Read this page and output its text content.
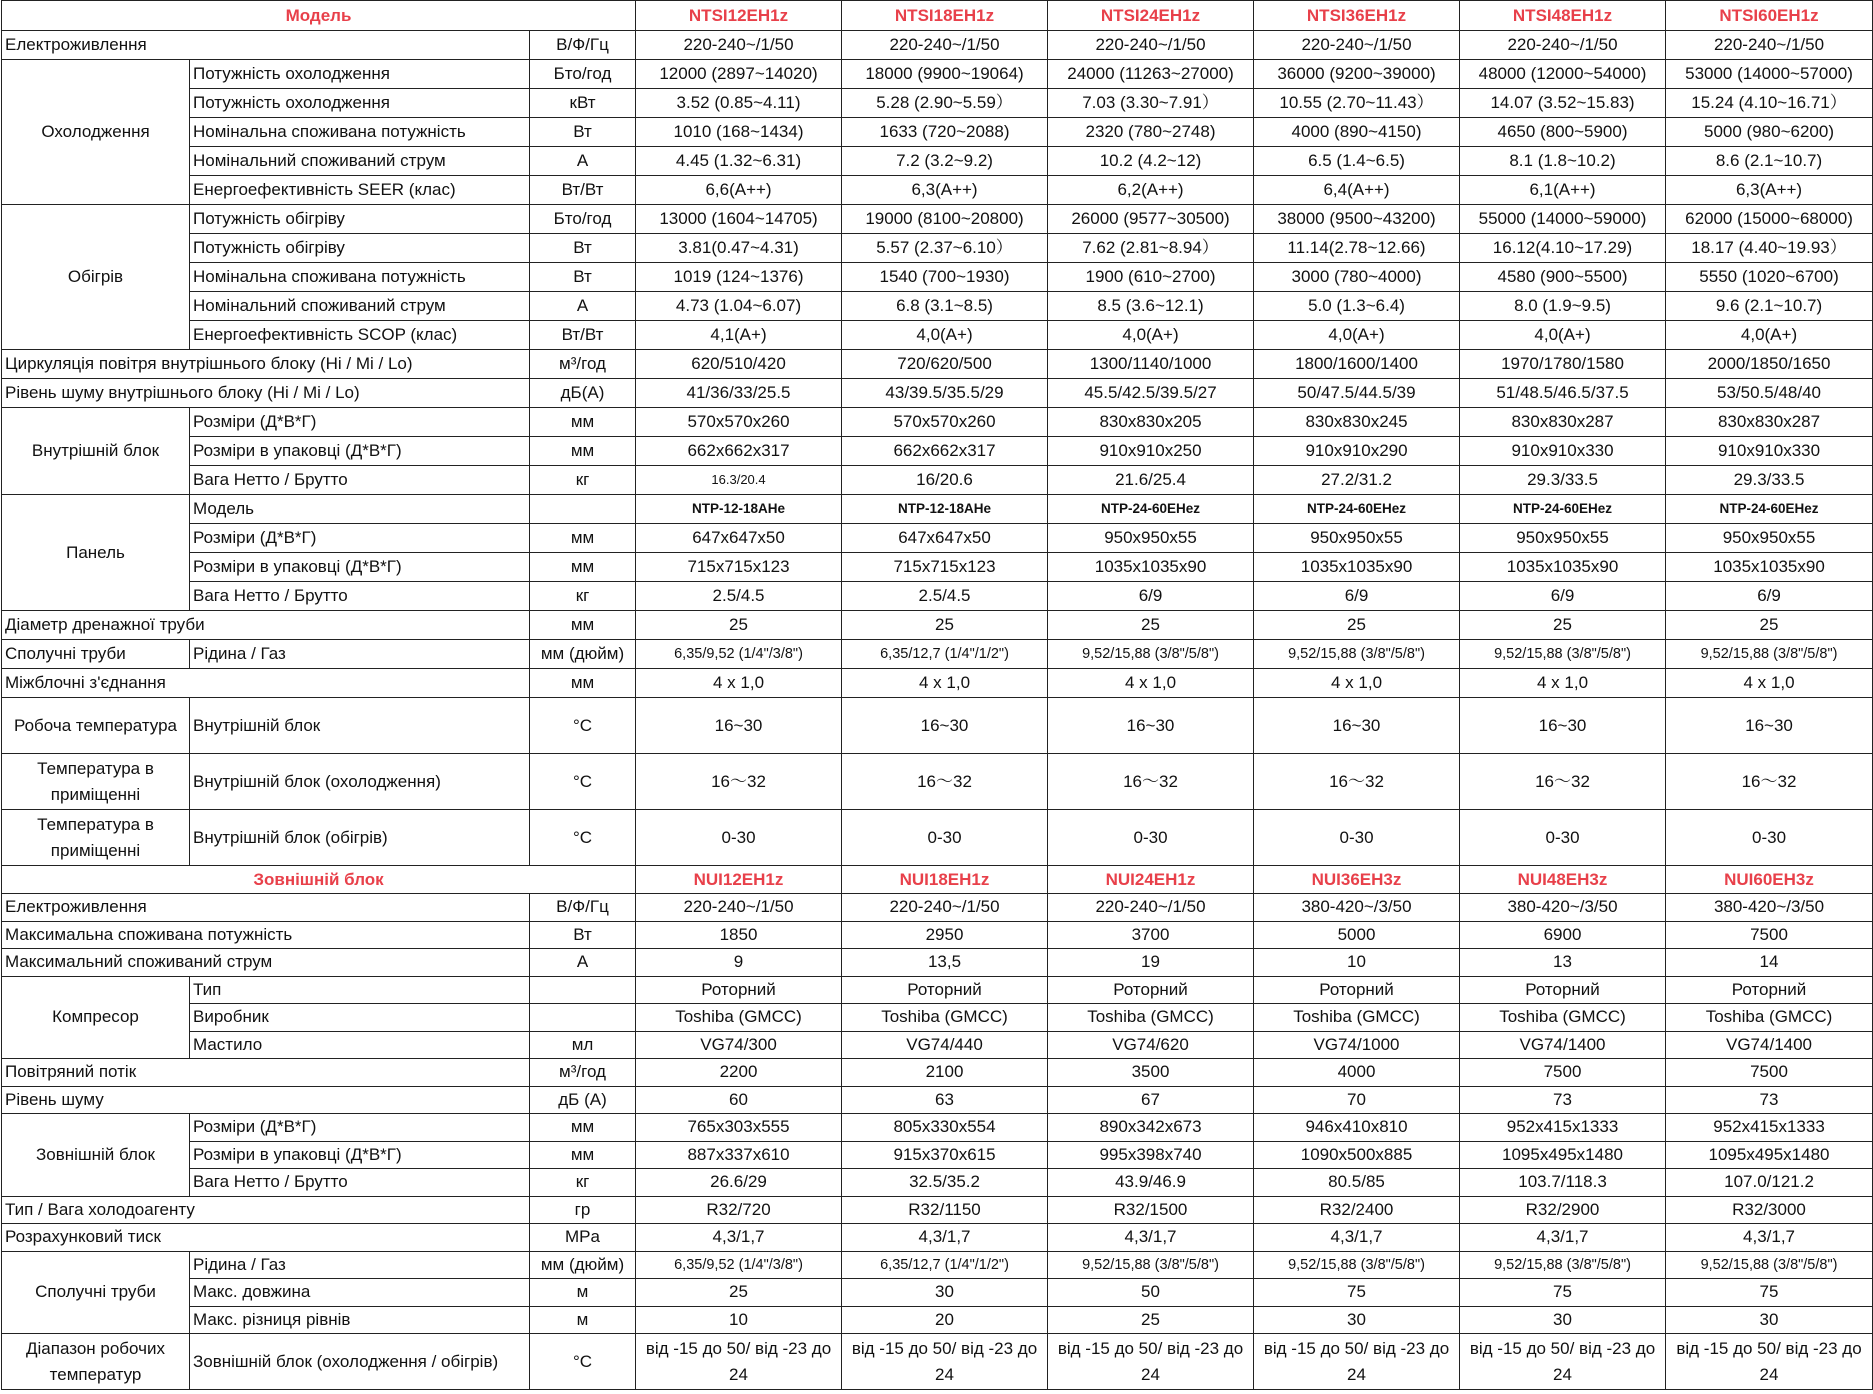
Модель			NTSI12EH1z	NTSI18EH1z	NTSI24EH1z	NTSI36EH1z	NTSI48EH1z	NTSI60EH1z
Електроживлення		В/Ф/Гц	220-240~/1/50	220-240~/1/50	220-240~/1/50	220-240~/1/50	220-240~/1/50	220-240~/1/50
Охолодження	Потужність охолодження	Бто/год	12000 (2897~14020)	18000 (9900~19064)	24000 (11263~27000)	36000 (9200~39000)	48000 (12000~54000)	53000 (14000~57000)
	Потужність охолодження	кВт	3.52 (0.85~4.11)	5.28 (2.90~5.59）	7.03 (3.30~7.91）	10.55 (2.70~11.43）	14.07 (3.52~15.83)	15.24 (4.10~16.71）
	Номінальна споживана потужність	Вт	1010 (168~1434)	1633 (720~2088)	2320 (780~2748)	4000 (890~4150)	4650 (800~5900)	5000 (980~6200)
	Номінальний споживаний струм	А	4.45 (1.32~6.31)	7.2 (3.2~9.2)	10.2 (4.2~12)	6.5 (1.4~6.5)	8.1 (1.8~10.2)	8.6 (2.1~10.7)
	Енергоефективність SEER (клас)	Вт/Вт	6,6(A++)	6,3(A++)	6,2(A++)	6,4(A++)	6,1(A++)	6,3(A++)
Обігрів	Потужність обігріву	Бто/год	13000 (1604~14705)	19000 (8100~20800)	26000 (9577~30500)	38000 (9500~43200)	55000 (14000~59000)	62000 (15000~68000)
	Потужність обігріву	Вт	3.81(0.47~4.31)	5.57 (2.37~6.10）	7.62 (2.81~8.94）	11.14(2.78~12.66)	16.12(4.10~17.29)	18.17 (4.40~19.93）
	Номінальна споживана потужність	Вт	1019 (124~1376)	1540 (700~1930)	1900 (610~2700)	3000 (780~4000)	4580 (900~5500)	5550 (1020~6700)
	Номінальний споживаний струм	А	4.73 (1.04~6.07)	6.8 (3.1~8.5)	8.5 (3.6~12.1)	5.0 (1.3~6.4)	8.0 (1.9~9.5)	9.6 (2.1~10.7)
	Енергоефективність SCOP (клас)	Вт/Вт	4,1(A+)	4,0(A+)	4,0(A+)	4,0(A+)	4,0(A+)	4,0(A+)
Циркуляція повітря внутрішнього блоку (Hi / Mi / Lo)		м³/год	620/510/420	720/620/500	1300/1140/1000	1800/1600/1400	1970/1780/1580	2000/1850/1650
Рівень шуму внутрішнього блоку (Hi / Mi / Lo)		дБ(А)	41/36/33/25.5	43/39.5/35.5/29	45.5/42.5/39.5/27	50/47.5/44.5/39	51/48.5/46.5/37.5	53/50.5/48/40
Внутрішній блок	Розміри (Д*В*Г)	мм	570x570x260	570x570x260	830x830x205	830x830x245	830x830x287	830x830x287
	Розміри в упаковці (Д*В*Г)	мм	662x662x317	662x662x317	910x910x250	910x910x290	910x910x330	910x910x330
	Вага Нетто / Брутто	кг	16.3/20.4	16/20.6	21.6/25.4	27.2/31.2	29.3/33.5	29.3/33.5
Панель	Модель		NTP-12-18AHe	NTP-12-18AHe	NTP-24-60EHez	NTP-24-60EHez	NTP-24-60EHez	NTP-24-60EHez
	Розміри (Д*В*Г)	мм	647x647x50	647x647x50	950x950x55	950x950x55	950x950x55	950x950x55
	Розміри в упаковці (Д*В*Г)	мм	715x715x123	715x715x123	1035x1035x90	1035x1035x90	1035x1035x90	1035x1035x90
	Вага Нетто / Брутто	кг	2.5/4.5	2.5/4.5	6/9	6/9	6/9	6/9
Діаметр дренажної труби		мм	25	25	25	25	25	25
Сполучні труби	Рідина / Газ	мм (дюйм)	6,35/9,52 (1/4"/3/8")	6,35/12,7 (1/4"/1/2")	9,52/15,88 (3/8"/5/8")	9,52/15,88 (3/8"/5/8")	9,52/15,88 (3/8"/5/8")	9,52/15,88 (3/8"/5/8")
Міжблочні з'єднання		мм	4 x 1,0	4 x 1,0	4 x 1,0	4 x 1,0	4 x 1,0	4 x 1,0
Робоча температура	Внутрішній блок	°C	16~30	16~30	16~30	16~30	16~30	16~30
Температура в приміщенні	Внутрішній блок (охолодження)	°C	16～32	16～32	16～32	16～32	16～32	16～32
Температура в приміщенні	Внутрішній блок (обігрів)	°C	0-30	0-30	0-30	0-30	0-30	0-30
Зовнішній блок			NUI12EH1z	NUI18EH1z	NUI24EH1z	NUI36EH3z	NUI48EH3z	NUI60EH3z
Електроживлення		В/Ф/Гц	220-240~/1/50	220-240~/1/50	220-240~/1/50	380-420~/3/50	380-420~/3/50	380-420~/3/50
Максимальна споживана потужність		Вт	1850	2950	3700	5000	6900	7500
Максимальний споживаний струм		А	9	13,5	19	10	13	14
Компресор	Тип		Роторний	Роторний	Роторний	Роторний	Роторний	Роторний
	Виробник		Toshiba (GMCC)	Toshiba (GMCC)	Toshiba (GMCC)	Toshiba (GMCC)	Toshiba (GMCC)	Toshiba (GMCC)
	Мастило	мл	VG74/300	VG74/440	VG74/620	VG74/1000	VG74/1400	VG74/1400
Повітряний потік		м³/год	2200	2100	3500	4000	7500	7500
Рівень шуму		дБ (А)	60	63	67	70	73	73
Зовнішній блок	Розміри (Д*В*Г)	мм	765x303x555	805x330x554	890x342x673	946x410x810	952x415x1333	952x415x1333
	Розміри в упаковці (Д*В*Г)	мм	887x337x610	915x370x615	995x398x740	1090x500x885	1095x495x1480	1095x495x1480
	Вага Нетто / Брутто	кг	26.6/29	32.5/35.2	43.9/46.9	80.5/85	103.7/118.3	107.0/121.2
Тип / Вага холодоагенту		гр	R32/720	R32/1150	R32/1500	R32/2400	R32/2900	R32/3000
Розрахунковий тиск		MPa	4,3/1,7	4,3/1,7	4,3/1,7	4,3/1,7	4,3/1,7	4,3/1,7
Сполучні труби	Рідина / Газ	мм (дюйм)	6,35/9,52 (1/4"/3/8")	6,35/12,7 (1/4"/1/2")	9,52/15,88 (3/8"/5/8")	9,52/15,88 (3/8"/5/8")	9,52/15,88 (3/8"/5/8")	9,52/15,88 (3/8"/5/8")
	Макс. довжина	м	25	30	50	75	75	75
	Макс. різниця рівнів	м	10	20	25	30	30	30
Діапазон робочих температур	Зовнішній блок (охолодження / обігрів)	°C	від -15 до 50/ від -23 до 24	від -15 до 50/ від -23 до 24	від -15 до 50/ від -23 до 24	від -15 до 50/ від -23 до 24	від -15 до 50/ від -23 до 24	від -15 до 50/ від -23 до 24
